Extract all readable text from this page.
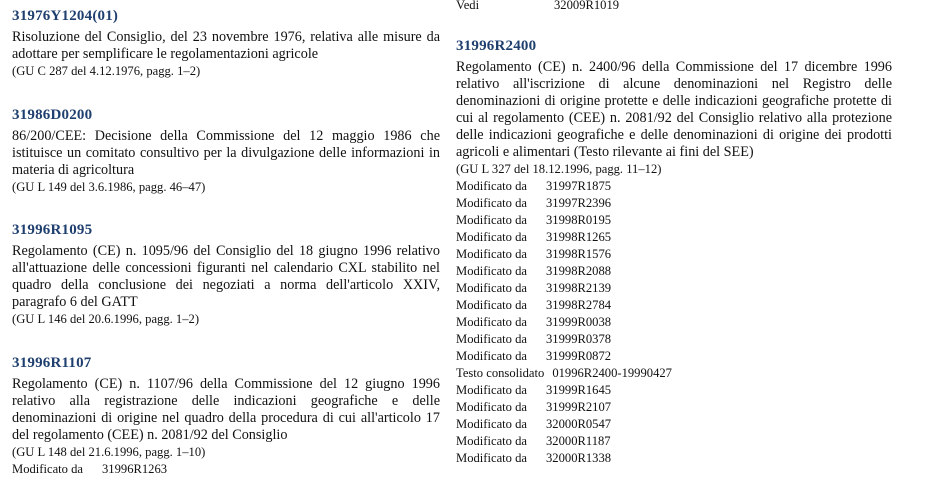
31976Y1204(01)

Risoluzione del Consiglio, del 23 novembre 1976, relativa alle misure da adottare per semplificare le regolamentazioni agricole

(GU C 287 del 4.12.1976, pagg. 1–2)
31986D0200

86/200/CEE: Decisione della Commissione del 12 maggio 1986 che istituisce un comitato consultivo per la divulgazione delle informazioni in materia di agricoltura

(GU L 149 del 3.6.1986, pagg. 46–47)
31996R1095

Regolamento (CE) n. 1095/96 del Consiglio del 18 giugno 1996 relativo all'attuazione delle concessioni figuranti nel calendario CXL stabilito nel quadro della conclusione dei negoziati a norma dell'articolo XXIV, paragrafo 6 del GATT

(GU L 146 del 20.6.1996, pagg. 1–2)
31996R1107

Regolamento (CE) n. 1107/96 della Commissione del 12 giugno 1996 relativo alla registrazione delle indicazioni geografiche e delle denominazioni di origine nel quadro della procedura di cui all'articolo 17 del regolamento (CEE) n. 2081/92 del Consiglio

(GU L 148 del 21.6.1996, pagg. 1–10)
Modificato da 31996R1263
Vedi	32009R1019
31996R2400

Regolamento (CE) n. 2400/96 della Commissione del 17 dicembre 1996 relativo all'iscrizione di alcune denominazioni nel Registro delle denominazioni di origine protette e delle indicazioni geografiche protette di cui al regolamento (CEE) n. 2081/92 del Consiglio relativo alla protezione delle indicazioni geografiche e delle denominazioni di origine dei prodotti agricoli e alimentari (Testo rilevante ai fini del SEE)

(GU L 327 del 18.12.1996, pagg. 11–12)
Modificato da 31997R1875
Modificato da 31997R2396
Modificato da 31998R0195
Modificato da 31998R1265
Modificato da 31998R1576
Modificato da 31998R2088
Modificato da 31998R2139
Modificato da 31998R2784
Modificato da 31999R0038
Modificato da 31999R0378
Modificato da 31999R0872
Testo consolidato 01996R2400-19990427
Modificato da 31999R1645
Modificato da 31999R2107
Modificato da 32000R0547
Modificato da 32000R1187
Modificato da 32000R1338
